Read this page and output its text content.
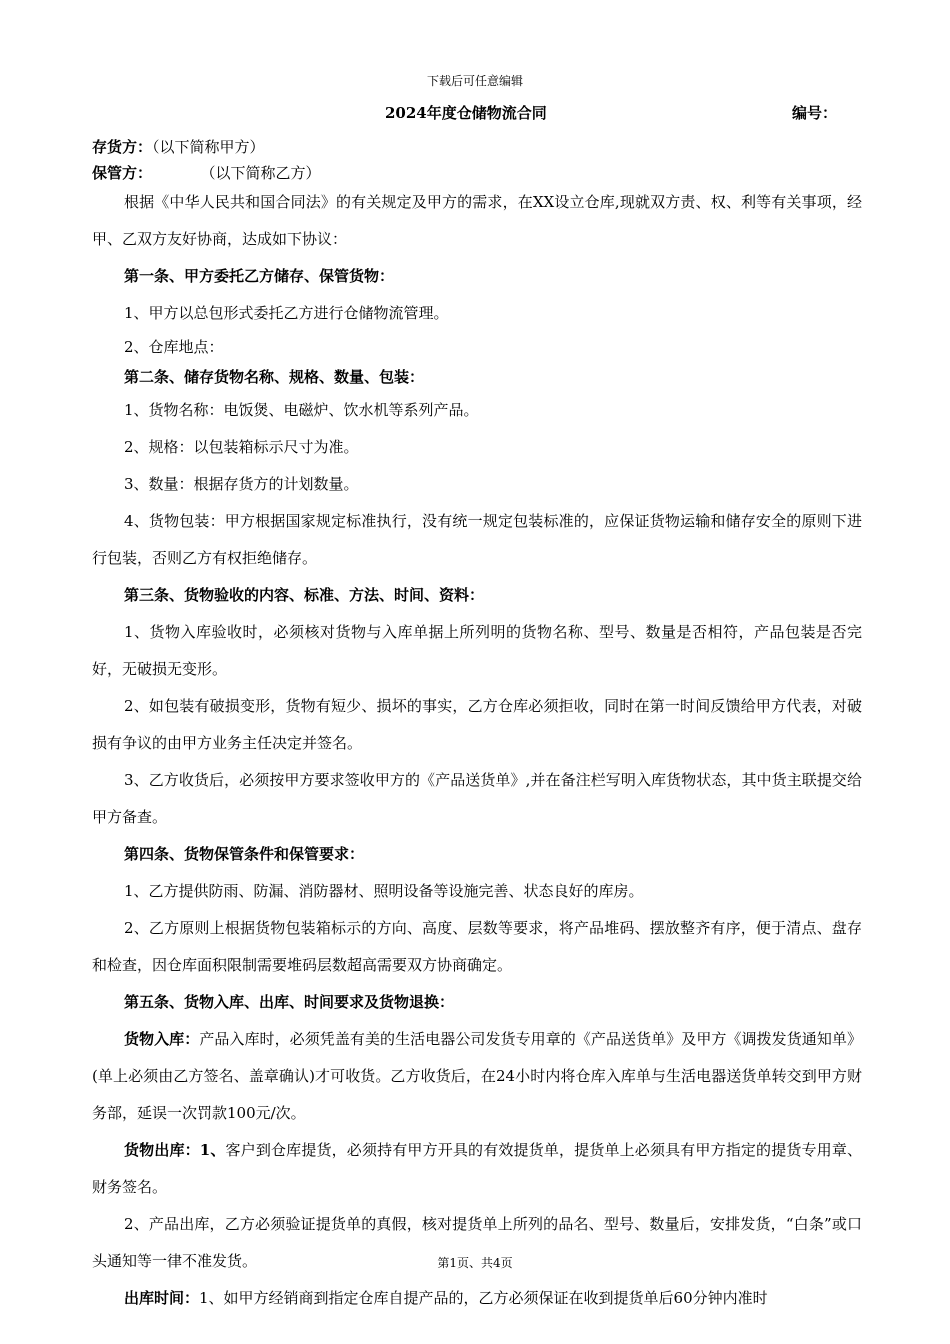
下载后可任意编辑
2024年度仓储物流合同	编号：
存货方：（以下简称甲方）
保管方：	（以下简称乙方）

根据《中华人民共和国合同法》的有关规定及甲方的需求，在XX设立仓库,现就双方责、权、利等有关事项，经甲、乙双方友好协商，达成如下协议：

第一条、甲方委托乙方储存、保管货物：

1、甲方以总包形式委托乙方进行仓储物流管理。

2、仓库地点：

第二条、储存货物名称、规格、数量、包装：

1、货物名称：电饭煲、电磁炉、饮水机等系列产品。

2、规格：以包装箱标示尺寸为准。

3、数量：根据存货方的计划数量。

4、货物包装：甲方根据国家规定标准执行，没有统一规定包装标准的，应保证货物运输和储存安全的原则下进行包装，否则乙方有权拒绝储存。

第三条、货物验收的内容、标准、方法、时间、资料：

1、货物入库验收时，必须核对货物与入库单据上所列明的货物名称、型号、数量是否相符，产品包装是否完好，无破损无变形。

2、如包装有破损变形，货物有短少、损坏的事实，乙方仓库必须拒收，同时在第一时间反馈给甲方代表，对破损有争议的由甲方业务主任决定并签名。

3、乙方收货后，必须按甲方要求签收甲方的《产品送货单》,并在备注栏写明入库货物状态，其中货主联提交给甲方备查。

第四条、货物保管条件和保管要求：

1、乙方提供防雨、防漏、消防器材、照明设备等设施完善、状态良好的库房。

2、乙方原则上根据货物包装箱标示的方向、高度、层数等要求，将产品堆码、摆放整齐有序，便于清点、盘存和检查，因仓库面积限制需要堆码层数超高需要双方协商确定。

第五条、货物入库、出库、时间要求及货物退换：

货物入库：产品入库时，必须凭盖有美的生活电器公司发货专用章的《产品送货单》及甲方《调拨发货通知单》(单上必须由乙方签名、盖章确认)才可收货。乙方收货后，在24小时内将仓库入库单与生活电器送货单转交到甲方财务部，延误一次罚款100元/次。

货物出库：1、客户到仓库提货，必须持有甲方开具的有效提货单，提货单上必须具有甲方指定的提货专用章、财务签名。

2、产品出库，乙方必须验证提货单的真假，核对提货单上所列的品名、型号、数量后，安排发货，“白条”或口头通知等一律不准发货。

出库时间：1、如甲方经销商到指定仓库自提产品的，乙方必须保证在收到提货单后60分钟内准时

第1页、共4页
